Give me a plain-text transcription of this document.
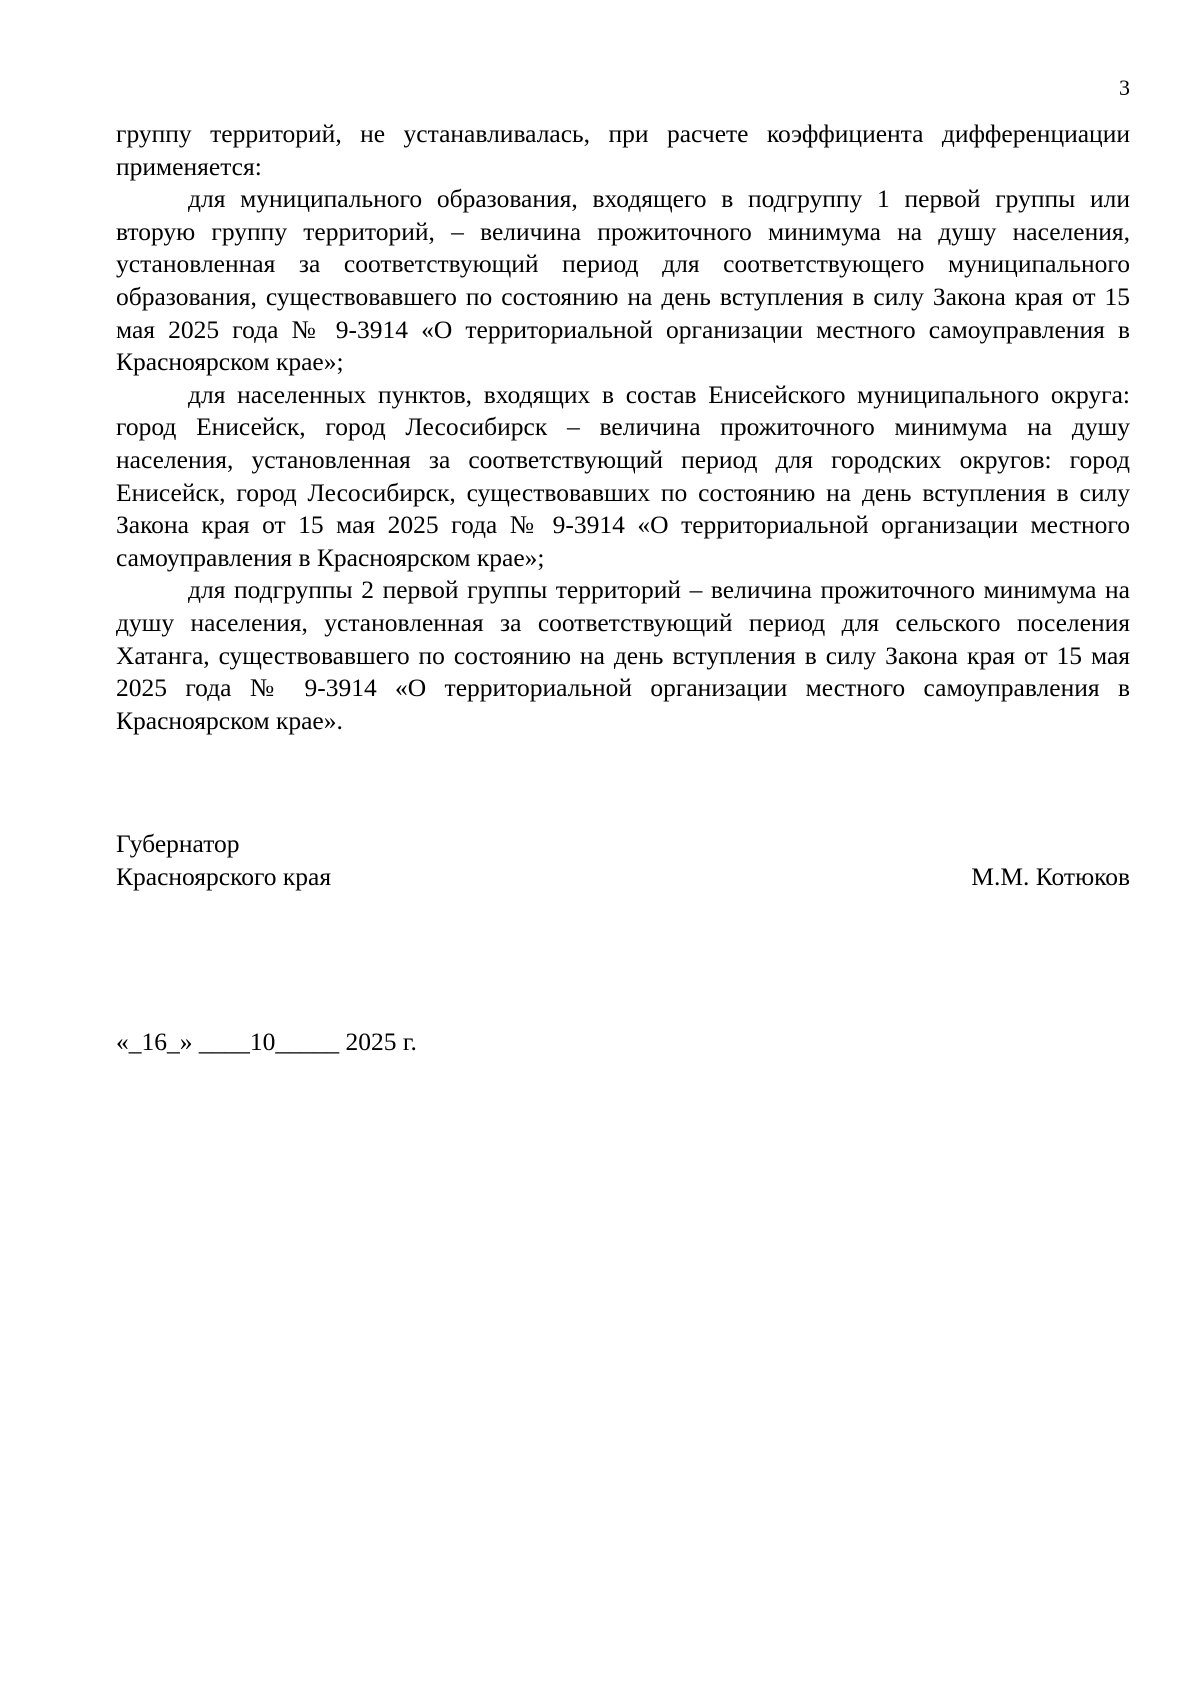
3

группу территорий, не устанавливалась, при расчете коэффициента дифференциации применяется:

для муниципального образования, входящего в подгруппу 1 первой группы или вторую группу территорий, – величина прожиточного минимума на душу населения, установленная за соответствующий период для соответствующего муниципального образования, существовавшего по состоянию на день вступления в силу Закона края от 15 мая 2025 года № 9-3914 «О территориальной организации местного самоуправления в Красноярском крае»;

для населенных пунктов, входящих в состав Енисейского муниципального округа: город Енисейск, город Лесосибирск – величина прожиточного минимума на душу населения, установленная за соответствующий период для городских округов: город Енисейск, город Лесосибирск, существовавших по состоянию на день вступления в силу Закона края от 15 мая 2025 года № 9-3914 «О территориальной организации местного самоуправления в Красноярском крае»;

для подгруппы 2 первой группы территорий – величина прожиточного минимума на душу населения, установленная за соответствующий период для сельского поселения Хатанга, существовавшего по состоянию на день вступления в силу Закона края от 15 мая 2025 года № 9-3914 «О территориальной организации местного самоуправления в Красноярском крае».

Губернатор
Красноярского края	М.М. Котюков
«_16_» ____10_____ 2025 г.
